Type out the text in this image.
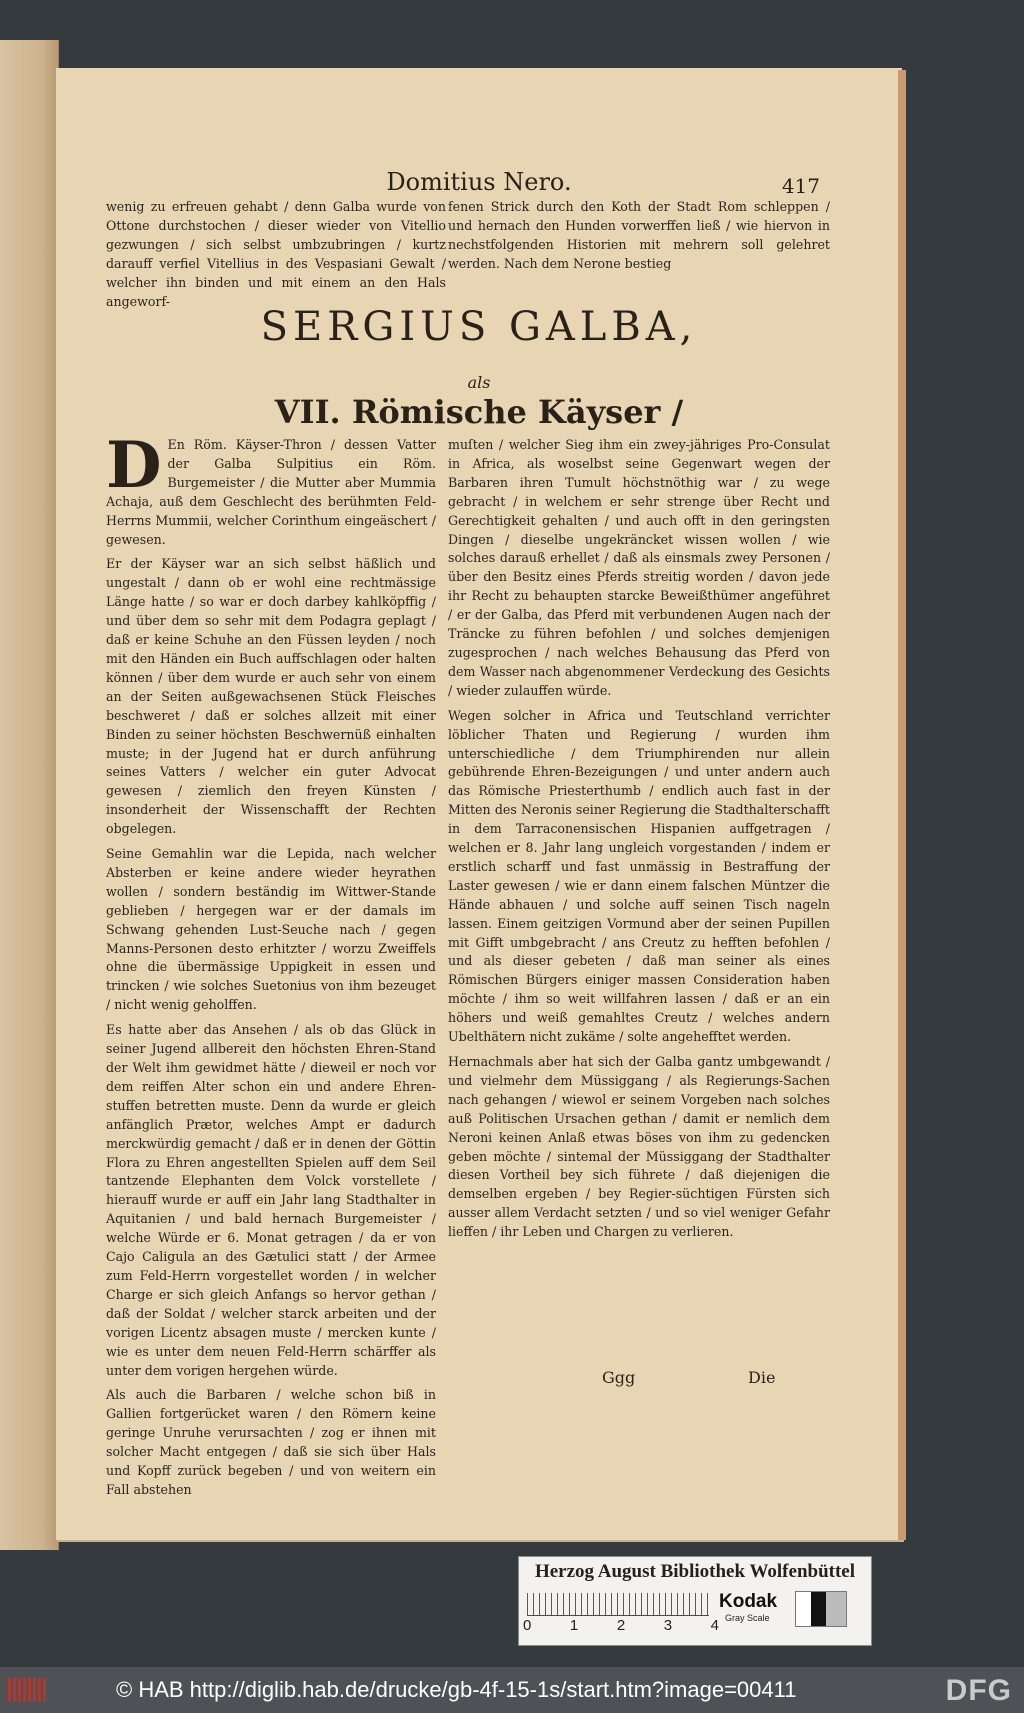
Domitius Nero.	417

wenig zu erfreuen gehabt / denn Galba wurde von Ottone durchstochen / dieser wieder von Vitellio gezwungen / sich selbst umbzubringen / kurtz darauff verfiel Vitellius in des Vespasiani Gewalt / welcher ihn binden und mit einem an den Hals angeworf-

fenen Strick durch den Koth der Stadt Rom schleppen / und hernach den Hunden vorwerffen ließ / wie hiervon in nechstfolgenden Historien mit mehrern soll gelehret werden. Nach dem Nerone bestieg

SERGIUS GALBA,
als
VII. Römische Käyser /

D En Röm. Käyser-Thron / dessen Vatter der Galba Sulpitius ein Röm. Burgemeister / die Mutter aber Mummia Achaja, auß dem Geschlecht des berühmten Feld-Herrns Mummii, welcher Corinthum eingeäschert / gewesen.

Er der Käyser war an sich selbst häßlich und ungestalt / dann ob er wohl eine rechtmässige Länge hatte / so war er doch darbey kahlköpffig / und über dem so sehr mit dem Podagra geplagt / daß er keine Schuhe an den Füssen leyden / noch mit den Händen ein Buch auffschlagen oder halten können / über dem wurde er auch sehr von einem an der Seiten außgewachsenen Stück Fleisches beschweret / daß er solches allzeit mit einer Binden zu seiner höchsten Beschwernüß einhalten muste; in der Jugend hat er durch anführung seines Vatters / welcher ein guter Advocat gewesen / ziemlich den freyen Künsten / insonderheit der Wissenschafft der Rechten obgelegen.

Seine Gemahlin war die Lepida, nach welcher Absterben er keine andere wieder heyrathen wollen / sondern beständig im Wittwer-Stande geblieben / hergegen war er der damals im Schwang gehenden Lust-Seuche nach / gegen Manns-Personen desto erhitzter / worzu Zweiffels ohne die übermässige Uppigkeit in essen und trincken / wie solches Suetonius von ihm bezeuget / nicht wenig geholffen.

Es hatte aber das Ansehen / als ob das Glück in seiner Jugend allbereit den höchsten Ehren-Stand der Welt ihm gewidmet hätte / dieweil er noch vor dem reiffen Alter schon ein und andere Ehren-stuffen betretten muste. Denn da wurde er gleich anfänglich Prætor, welches Ampt er dadurch merckwürdig gemacht / daß er in denen der Göttin Flora zu Ehren angestellten Spielen auff dem Seil tantzende Elephanten dem Volck vorstellete / hierauff wurde er auff ein Jahr lang Stadthalter in Aquitanien / und bald hernach Burgemeister / welche Würde er 6. Monat getragen / da er von Cajo Caligula an des Gætulici statt / der Armee zum Feld-Herrn vorgestellet worden / in welcher Charge er sich gleich Anfangs so hervor gethan / daß der Soldat / welcher starck arbeiten und der vorigen Licentz absagen muste / mercken kunte / wie es unter dem neuen Feld-Herrn schärffer als unter dem vorigen hergehen würde.

Als auch die Barbaren / welche schon biß in Gallien fortgerücket waren / den Römern keine geringe Unruhe verursachten / zog er ihnen mit solcher Macht entgegen / daß sie sich über Hals und Kopff zurück begeben / und von weitern ein Fall abstehen

muſten / welcher Sieg ihm ein zwey-jähriges Pro-Consulat in Africa, als woselbst seine Gegenwart wegen der Barbaren ihren Tumult höchstnöthig war / zu wege gebracht / in welchem er sehr strenge über Recht und Gerechtigkeit gehalten / und auch offt in den geringsten Dingen / dieselbe ungekräncket wissen wollen / wie solches darauß erhellet / daß als einsmals zwey Personen / über den Besitz eines Pferds streitig worden / davon jede ihr Recht zu behaupten starcke Beweißthümer angeführet / er der Galba, das Pferd mit verbundenen Augen nach der Träncke zu führen befohlen / und solches demjenigen zugesprochen / nach welches Behausung das Pferd von dem Wasser nach abgenommener Verdeckung des Gesichts / wieder zulauffen würde.

Wegen solcher in Africa und Teutschland verrichter löblicher Thaten und Regierung / wurden ihm unterschiedliche / dem Triumphirenden nur allein gebührende Ehren-Bezeigungen / und unter andern auch das Römische Priesterthumb / endlich auch fast in der Mitten des Neronis seiner Regierung die Stadthalterschafft in dem Tarraconensischen Hispanien auffgetragen / welchen er 8. Jahr lang ungleich vorgestanden / indem er erstlich scharff und fast unmässig in Bestraffung der Laster gewesen / wie er dann einem falschen Müntzer die Hände abhauen / und solche auff seinen Tisch nageln lassen. Einem geitzigen Vormund aber der seinen Pupillen mit Gifft umbgebracht / ans Creutz zu hefften befohlen / und als dieser gebeten / daß man seiner als eines Römischen Bürgers einiger massen Consideration haben möchte / ihm so weit willfahren lassen / daß er an ein höhers und weiß gemahltes Creutz / welches andern Ubelthätern nicht zukäme / solte angehefftet werden.

Hernachmals aber hat sich der Galba gantz umbgewandt / und vielmehr dem Müssiggang / als Regierungs-Sachen nach gehangen / wiewol er seinem Vorgeben nach solches auß Politischen Ursachen gethan / damit er nemlich dem Neroni keinen Anlaß etwas böses von ihm zu gedencken geben möchte / sintemal der Müssiggang der Stadthalter diesen Vortheil bey sich führete / daß diejenigen die demselben ergeben / bey Regier-süchtigen Fürsten sich ausser allem Verdacht setzten / und so viel weniger Gefahr lieffen / ihr Leben und Chargen zu verlieren.

Ggg	Die
Herzog August Bibliothek Wolfenbüttel
0	1	2	3	4
Kodak
Gray Scale
© HAB http://diglib.hab.de/drucke/gb-4f-15-1s/start.htm?image=00411	DFG
